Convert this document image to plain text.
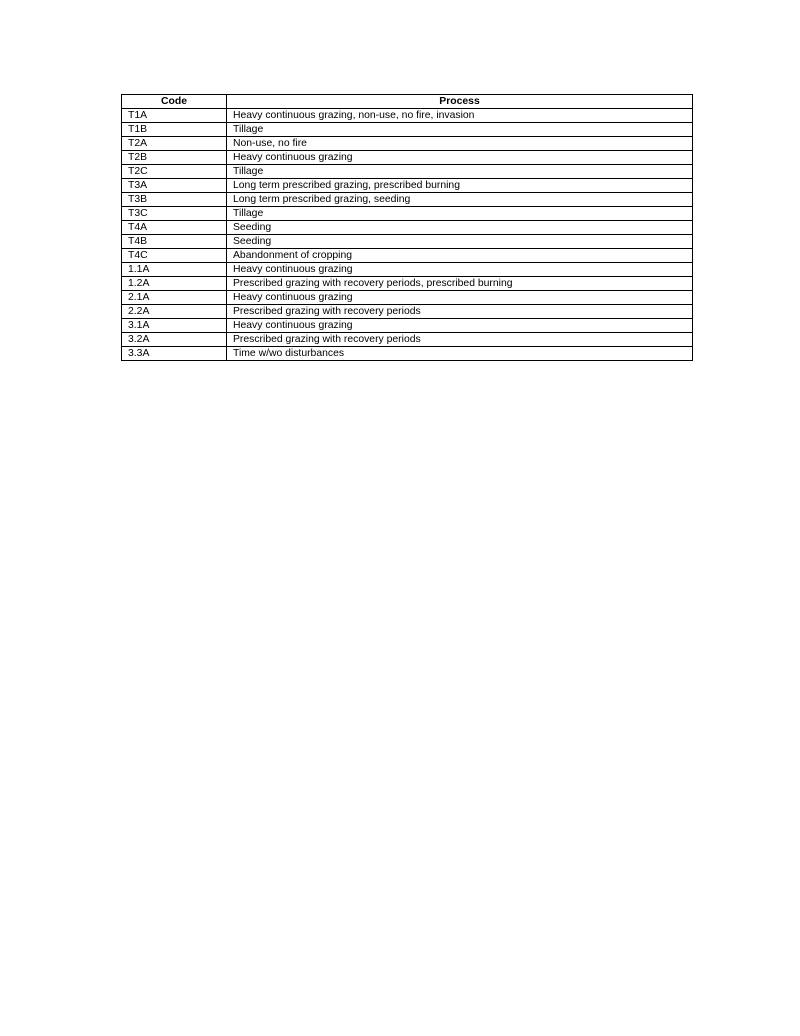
Code	Process
T1A	Heavy continuous grazing, non-use, no fire, invasion
T1B	Tillage
T2A	Non-use, no fire
T2B	Heavy continuous grazing
T2C	Tillage
T3A	Long term prescribed grazing, prescribed burning
T3B	Long term prescribed grazing, seeding
T3C	Tillage
T4A	Seeding
T4B	Seeding
T4C	Abandonment of cropping
1.1A	Heavy continuous grazing
1.2A	Prescribed grazing with recovery periods, prescribed burning
2.1A	Heavy continuous grazing
2.2A	Prescribed grazing with recovery periods
3.1A	Heavy continuous grazing
3.2A	Prescribed grazing with recovery periods
3.3A	Time w/wo disturbances
